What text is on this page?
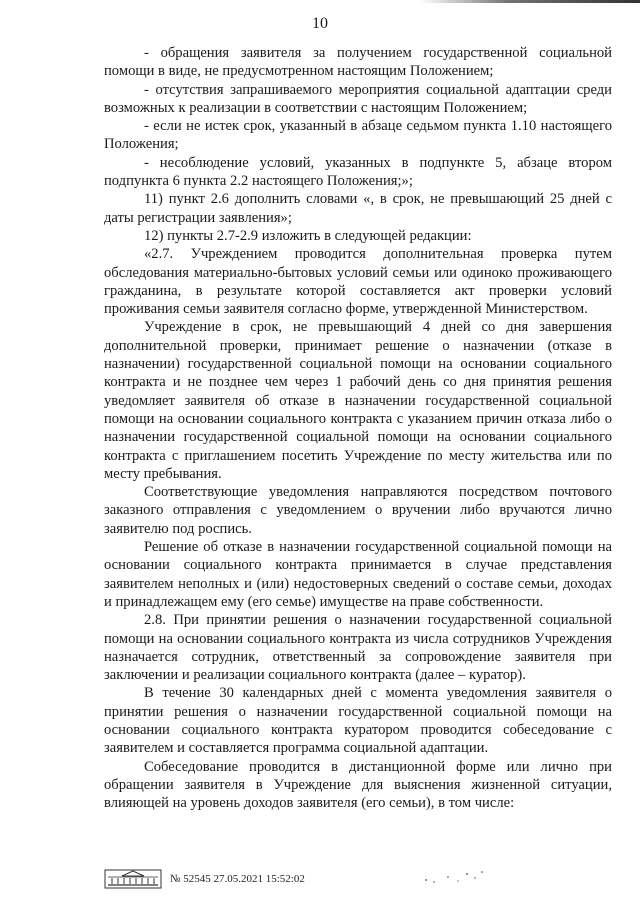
10

- обращения заявителя за получением государственной социальной помощи в виде, не предусмотренном настоящим Положением;

- отсутствия запрашиваемого мероприятия социальной адаптации среди возможных к реализации в соответствии с настоящим Положением;

- если не истек срок, указанный в абзаце седьмом пункта 1.10 настоящего Положения;

- несоблюдение условий, указанных в подпункте 5, абзаце втором подпункта 6 пункта 2.2 настоящего Положения;»;

11) пункт 2.6 дополнить словами «, в срок, не превышающий 25 дней с даты регистрации заявления»;

12) пункты 2.7-2.9 изложить в следующей редакции:

«2.7. Учреждением проводится дополнительная проверка путем обследования материально-бытовых условий семьи или одиноко проживающего гражданина, в результате которой составляется акт проверки условий проживания семьи заявителя согласно форме, утвержденной Министерством.

Учреждение в срок, не превышающий 4 дней со дня завершения дополнительной проверки, принимает решение о назначении (отказе в назначении) государственной социальной помощи на основании социального контракта и не позднее чем через 1 рабочий день со дня принятия решения уведомляет заявителя об отказе в назначении государственной социальной помощи на основании социального контракта с указанием причин отказа либо о назначении государственной социальной помощи на основании социального контракта с приглашением посетить Учреждение по месту жительства или по месту пребывания.

Соответствующие уведомления направляются посредством почтового заказного отправления с уведомлением о вручении либо вручаются лично заявителю под роспись.

Решение об отказе в назначении государственной социальной помощи на основании социального контракта принимается в случае представления заявителем неполных и (или) недостоверных сведений о составе семьи, доходах и принадлежащем ему (его семье) имуществе на праве собственности.

2.8. При принятии решения о назначении государственной социальной помощи на основании социального контракта из числа сотрудников Учреждения назначается сотрудник, ответственный за сопровождение заявителя при заключении и реализации социального контракта (далее – куратор).

В течение 30 календарных дней с момента уведомления заявителя о принятии решения о назначении государственной социальной помощи на основании социального контракта куратором проводится собеседование с заявителем и составляется программа социальной адаптации.

Собеседование проводится в дистанционной форме или лично при обращении заявителя в Учреждение для выяснения жизненной ситуации, влияющей на уровень доходов заявителя (его семьи), в том числе:

№ 52545 27.05.2021 15:52:02
